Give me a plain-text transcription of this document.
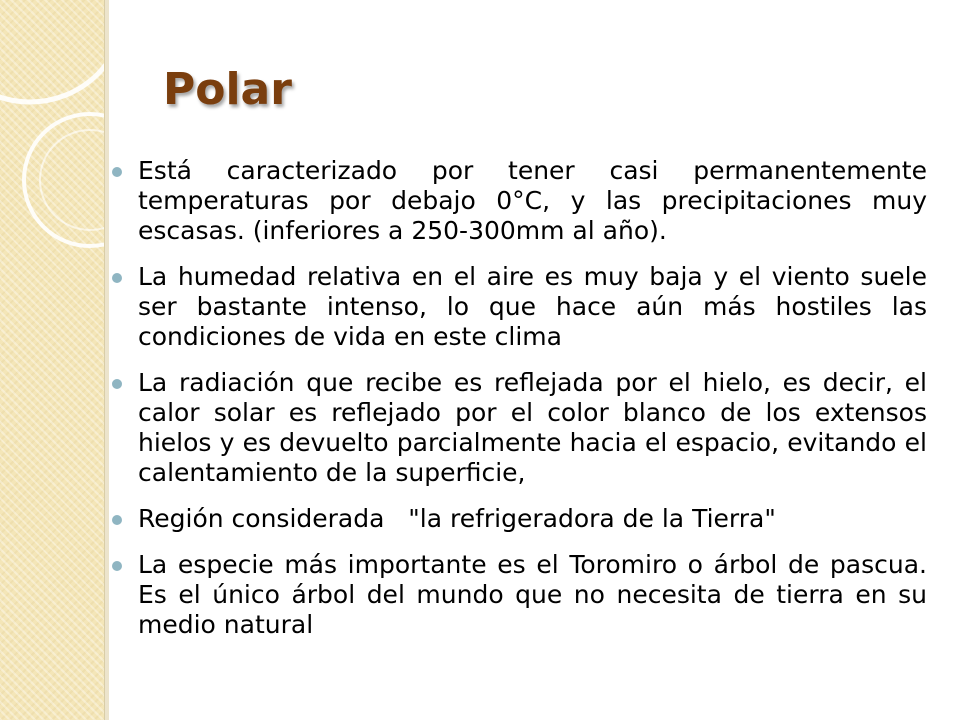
Polar
Está caracterizado por tener casi permanentemente temperaturas por debajo 0°C, y las precipitaciones muy escasas. (inferiores a 250-300mm al año).
La humedad relativa en el aire es muy baja y el viento suele ser bastante intenso, lo que hace aún más hostiles las condiciones de vida en este clima
La radiación que recibe es reflejada por el hielo, es decir, el calor solar es reflejado por el color blanco de los extensos hielos y es devuelto parcialmente hacia el espacio, evitando el calentamiento de la superficie,
Región considerada   "la refrigeradora de la Tierra"
La especie más importante es el Toromiro o árbol de pascua. Es el único árbol del mundo que no necesita de tierra en su medio natural
